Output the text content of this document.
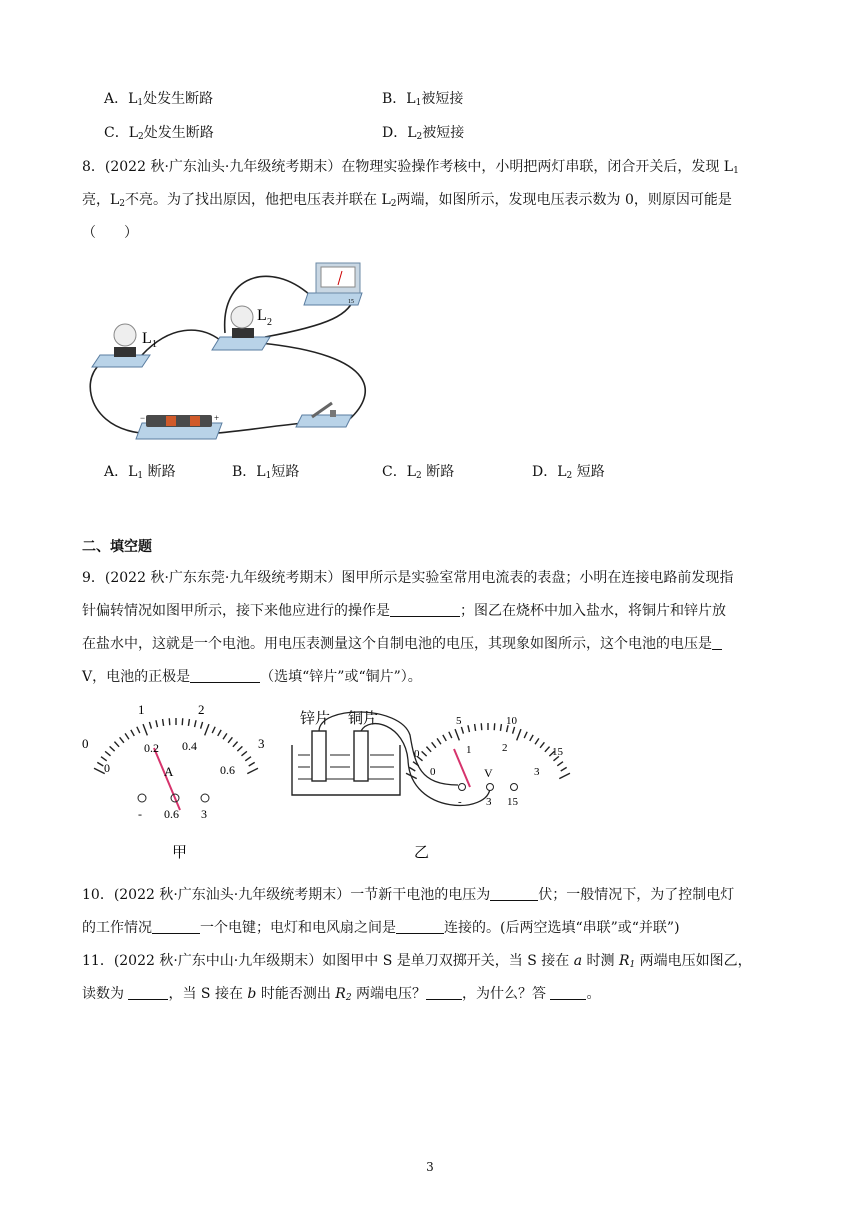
A．$L_1$处发生断路	B．$L_1$被短接
C．$L_2$处发生断路	D．$L_2$被短接
8．(2022 秋·广东汕头·九年级统考期末）在物理实验操作考核中，小明把两灯串联，闭合开关后，发现 $L_1$
亮，$L_2$不亮。为了找出原因，他把电压表并联在 $L_2$两端，如图所示，发现电压表示数为 0，则原因可能是
（　　）
L 1
L 2
15
−	+
A．$L_1$ 断路	B．$L_1$短路	C．$L_2$ 断路	D．$L_2$ 短路
二、填空题
9．(2022 秋·广东东莞·九年级统考期末）图甲所示是实验室常用电流表的表盘；小明在连接电路前发现指
针偏转情况如图甲所示，接下来他应进行的操作是	；图乙在烧杯中加入盐水，将铜片和锌片放
在盐水中，这就是一个电池。用电压表测量这个自制电池的电压，其现象如图所示，这个电池的电压是
V，电池的正极是	（选填“锌片”或“铜片”）。
0
1	2
3
0
0.2 0.4
0.6
A
- 0.6 3
甲
锌片 铜片
0
5	10
15
0
1	2
3
V
- 3 15
乙
10．(2022 秋·广东汕头·九年级统考期末）一节新干电池的电压为	伏；一般情况下，为了控制电灯
的工作情况	一个电键；电灯和电风扇之间是	连接的。(后两空选填“串联”或“并联”)
11．(2022 秋·广东中山·九年级期末）如图甲中 S 是单刀双掷开关，当 S 接在 a 时测 $R_1$ 两端电压如图乙，
读数为	，当 S 接在 b 时能否测出 $R_2$ 两端电压？	，为什么？答	。
3
